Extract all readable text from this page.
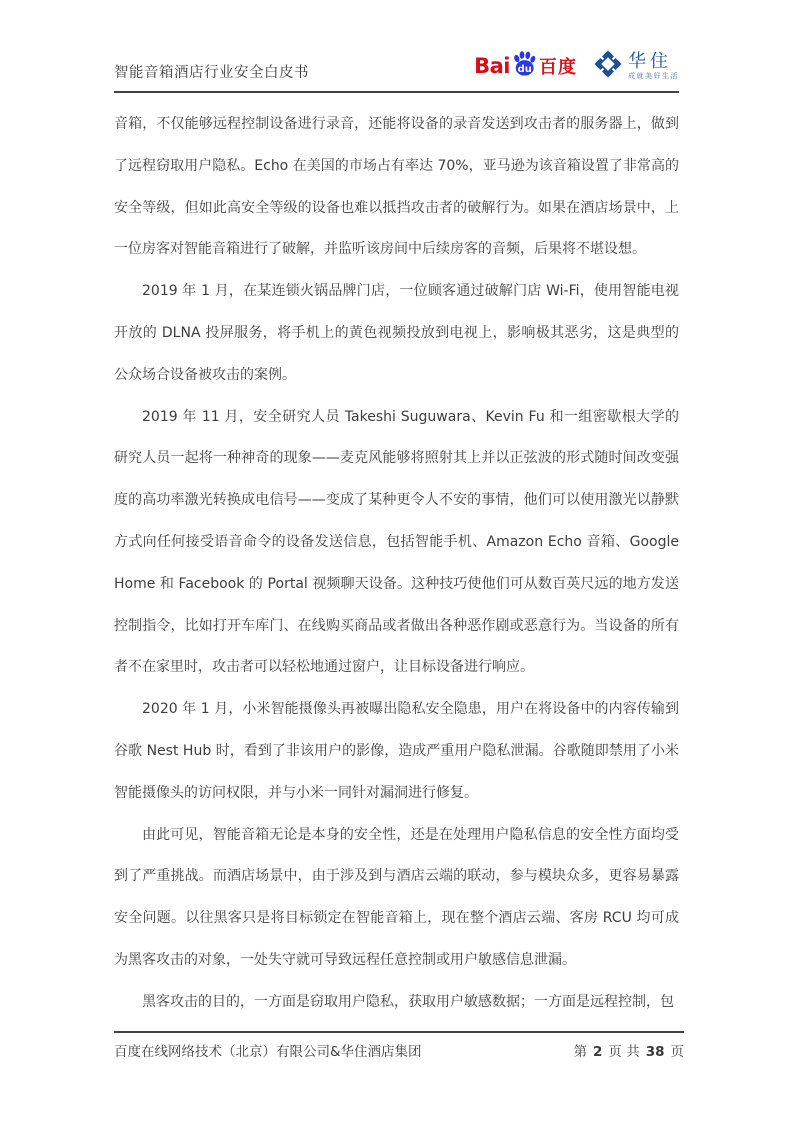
智能音箱酒店行业安全白皮书	Bai du 百度	华住
成就美好生活

音箱，不仅能够远程控制设备进行录音，还能将设备的录音发送到攻击者的服务器上，做到了远程窃取用户隐私。Echo 在美国的市场占有率达 70%，亚马逊为该音箱设置了非常高的安全等级，但如此高安全等级的设备也难以抵挡攻击者的破解行为。如果在酒店场景中，上一位房客对智能音箱进行了破解，并监听该房间中后续房客的音频，后果将不堪设想。

2019 年 1 月，在某连锁火锅品牌门店，一位顾客通过破解门店 Wi-Fi，使用智能电视开放的 DLNA 投屏服务，将手机上的黄色视频投放到电视上，影响极其恶劣，这是典型的公众场合设备被攻击的案例。

2019 年 11 月，安全研究人员 Takeshi Suguwara、Kevin Fu 和一组密歇根大学的研究人员一起将一种神奇的现象——麦克风能够将照射其上并以正弦波的形式随时间改变强度的高功率激光转换成电信号——变成了某种更令人不安的事情，他们可以使用激光以静默方式向任何接受语音命令的设备发送信息，包括智能手机、Amazon Echo 音箱、Google Home 和 Facebook 的 Portal 视频聊天设备。这种技巧使他们可从数百英尺远的地方发送控制指令，比如打开车库门、在线购买商品或者做出各种恶作剧或恶意行为。当设备的所有者不在家里时，攻击者可以轻松地通过窗户，让目标设备进行响应。

2020 年 1 月，小米智能摄像头再被曝出隐私安全隐患，用户在将设备中的内容传输到谷歌 Nest Hub 时，看到了非该用户的影像，造成严重用户隐私泄漏。谷歌随即禁用了小米智能摄像头的访问权限，并与小米一同针对漏洞进行修复。

由此可见，智能音箱无论是本身的安全性，还是在处理用户隐私信息的安全性方面均受到了严重挑战。而酒店场景中，由于涉及到与酒店云端的联动，参与模块众多，更容易暴露安全问题。以往黑客只是将目标锁定在智能音箱上，现在整个酒店云端、客房 RCU 均可成为黑客攻击的对象，一处失守就可导致远程任意控制或用户敏感信息泄漏。

黑客攻击的目的，一方面是窃取用户隐私，获取用户敏感数据；一方面是远程控制，包

百度在线网络技术（北京）有限公司&华住酒店集团	第 2 页 共 38 页
